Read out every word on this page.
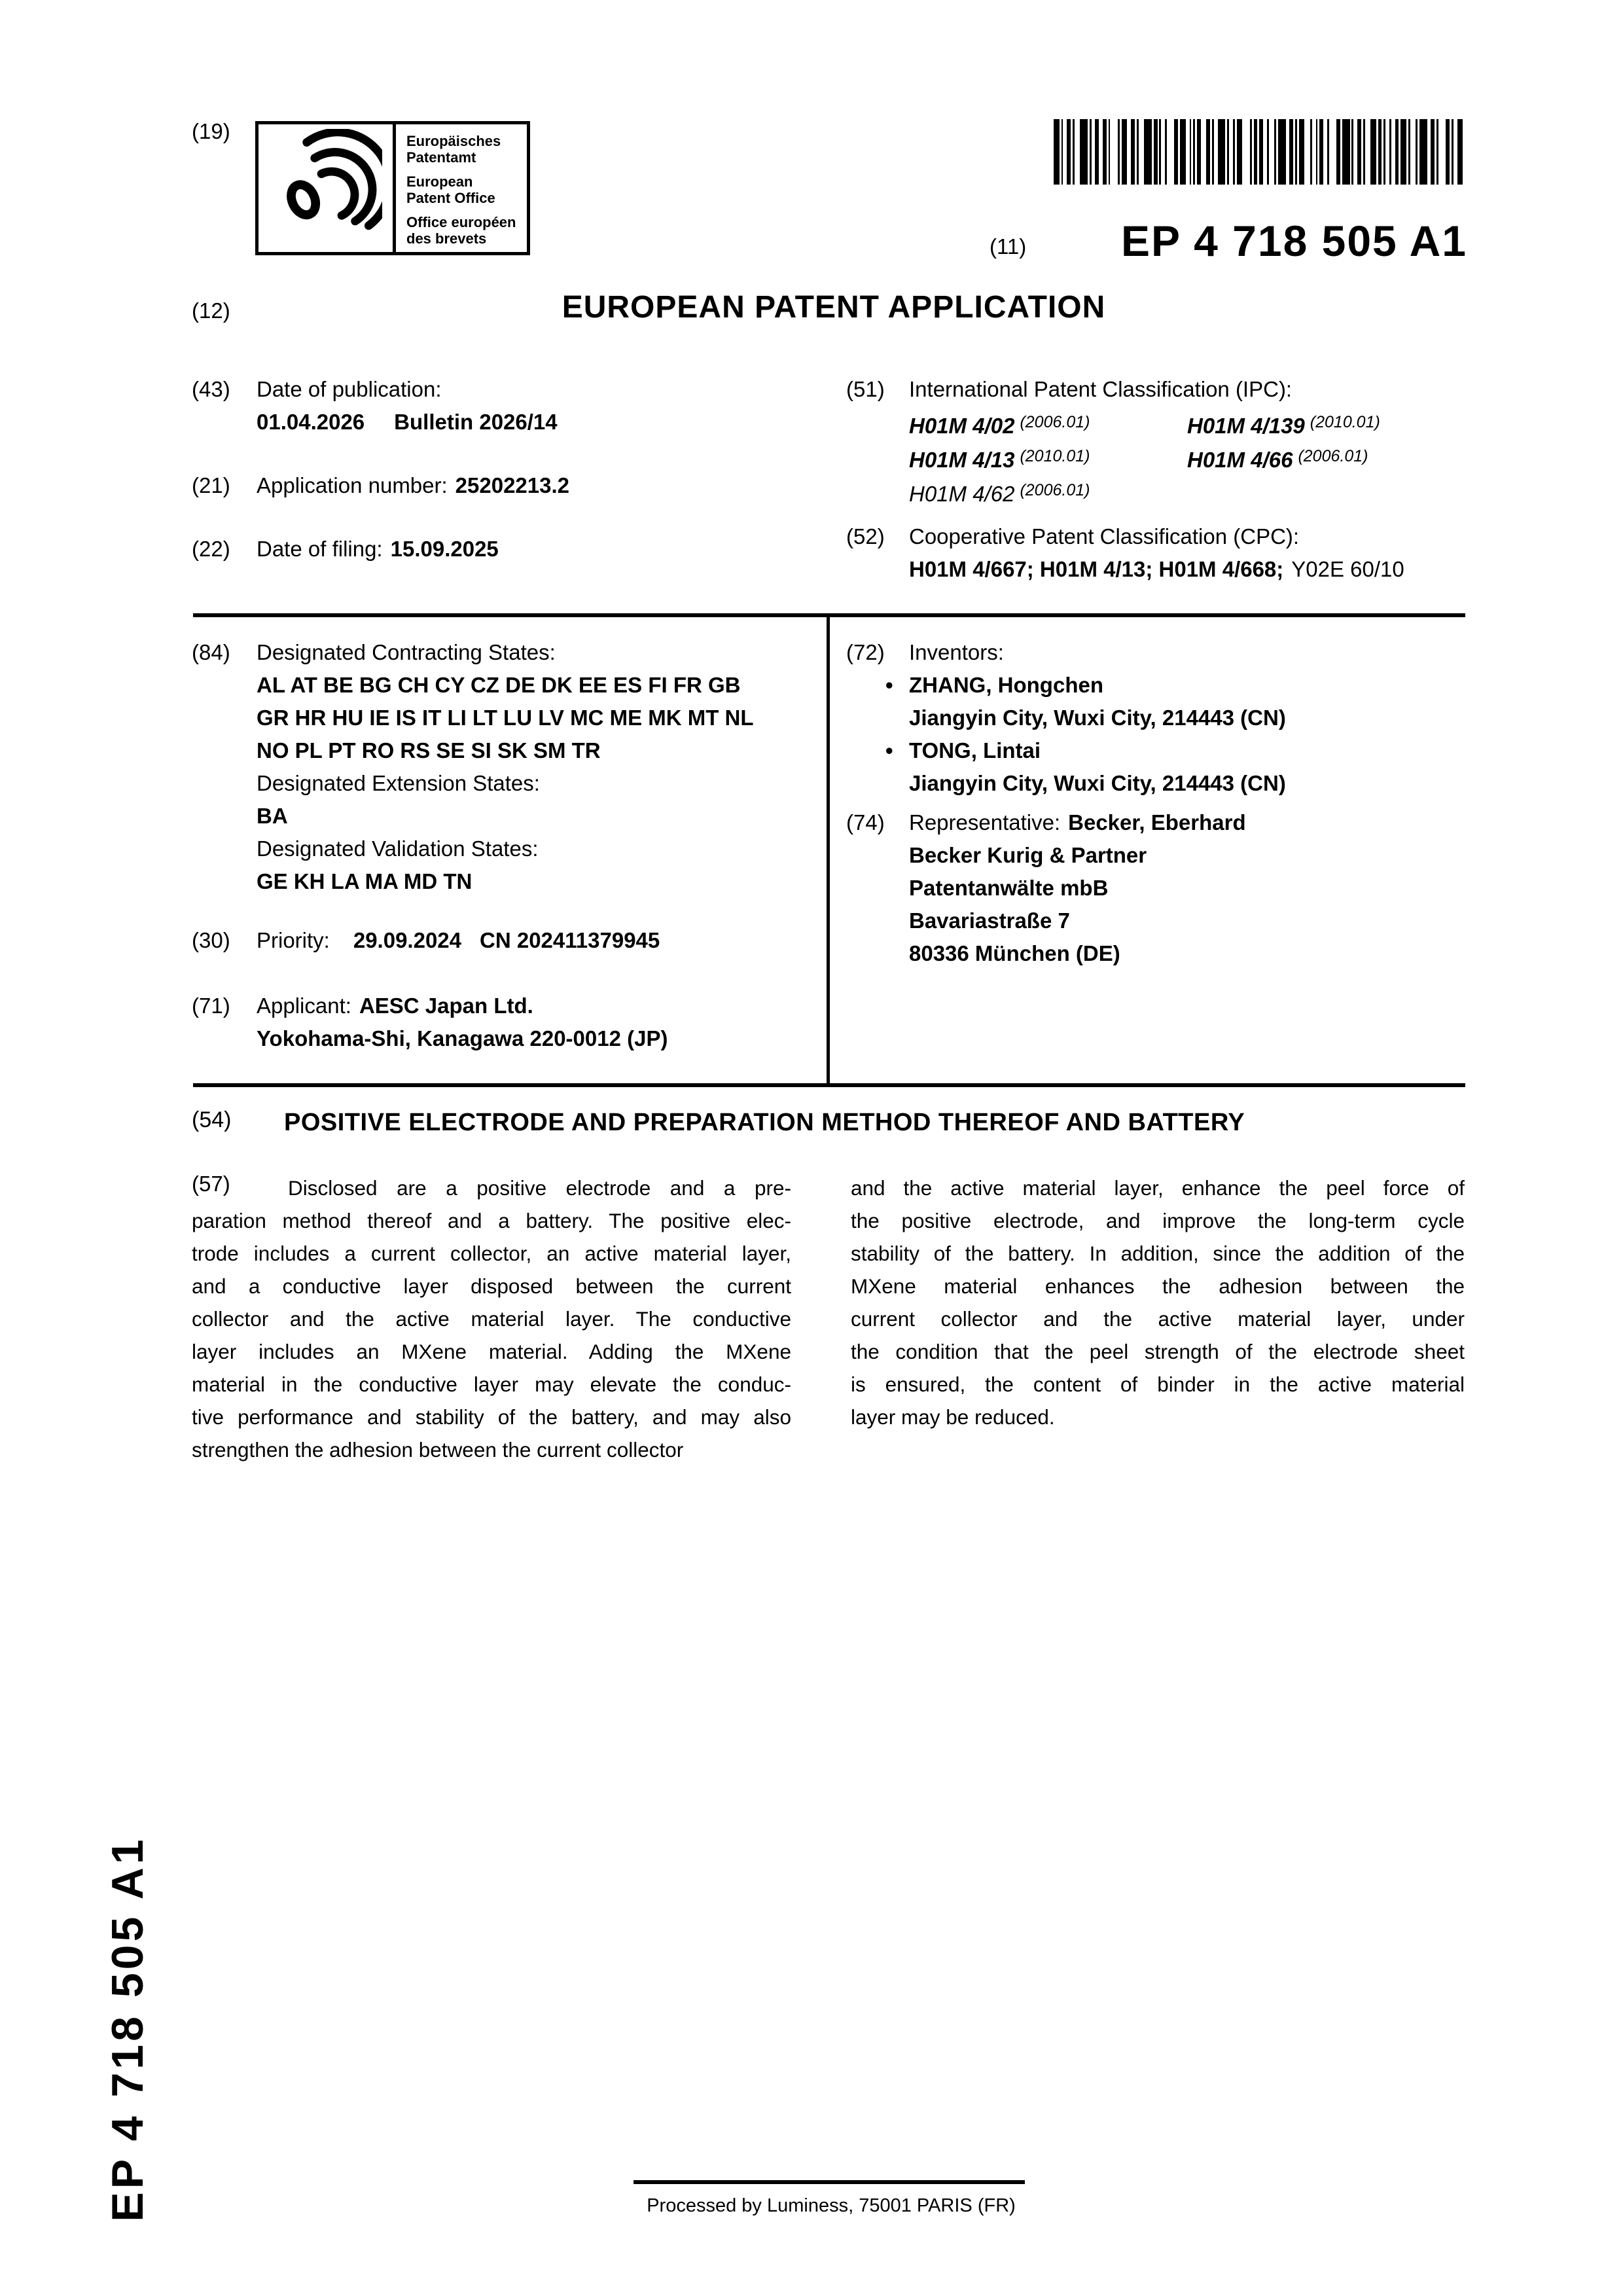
(19)	Europäisches
Patentamt
European
Patent Office
Office européen
des brevets	(11)	EP 4 718 505 A1
(12)	EUROPEAN PATENT APPLICATION
(43) Date of publication:
01.04.2026 Bulletin 2026/14
(21) Application number: 25202213.2
(22) Date of filing: 15.09.2025
(51) International Patent Classification (IPC):
H01M 4/02 $^{(2006.01)}$	H01M 4/139 $^{(2010.01)}$
H01M 4/13 $^{(2010.01)}$	H01M 4/66 $^{(2006.01)}$
H01M 4/62 $^{(2006.01)}$
(52) Cooperative Patent Classification (CPC):
H01M 4/667; H01M 4/13; H01M 4/668; Y02E 60/10
(84) Designated Contracting States:
AL AT BE BG CH CY CZ DE DK EE ES FI FR GB
GR HR HU IE IS IT LI LT LU LV MC ME MK MT NL
NO PL PT RO RS SE SI SK SM TR
Designated Extension States:
BA
Designated Validation States:
GE KH LA MA MD TN
(30) Priority: 29.09.2024 CN 202411379945
(71) Applicant: AESC Japan Ltd.
Yokohama-Shi, Kanagawa 220-0012 (JP)
(72) Inventors:
• ZHANG, Hongchen
Jiangyin City, Wuxi City, 214443 (CN)
• TONG, Lintai
Jiangyin City, Wuxi City, 214443 (CN)
(74) Representative: Becker, Eberhard
Becker Kurig & Partner
Patentanwälte mbB
Bavariastraße 7
80336 München (DE)
(54) POSITIVE ELECTRODE AND PREPARATION METHOD THEREOF AND BATTERY
(57)	Disclosed are a positive electrode and a pre-
paration method thereof and a battery. The positive elec-
trode includes a current collector, an active material layer,
and a conductive layer disposed between the current
collector and the active material layer. The conductive
layer includes an MXene material. Adding the MXene
material in the conductive layer may elevate the conduc-
tive performance and stability of the battery, and may also
strengthen the adhesion between the current collector
and the active material layer, enhance the peel force of
the positive electrode, and improve the long-term cycle
stability of the battery. In addition, since the addition of the
MXene material enhances the adhesion between the
current collector and the active material layer, under
the condition that the peel strength of the electrode sheet
is ensured, the content of binder in the active material
layer may be reduced.
EP 4 718 505 A1	Processed by Luminess, 75001 PARIS (FR)
